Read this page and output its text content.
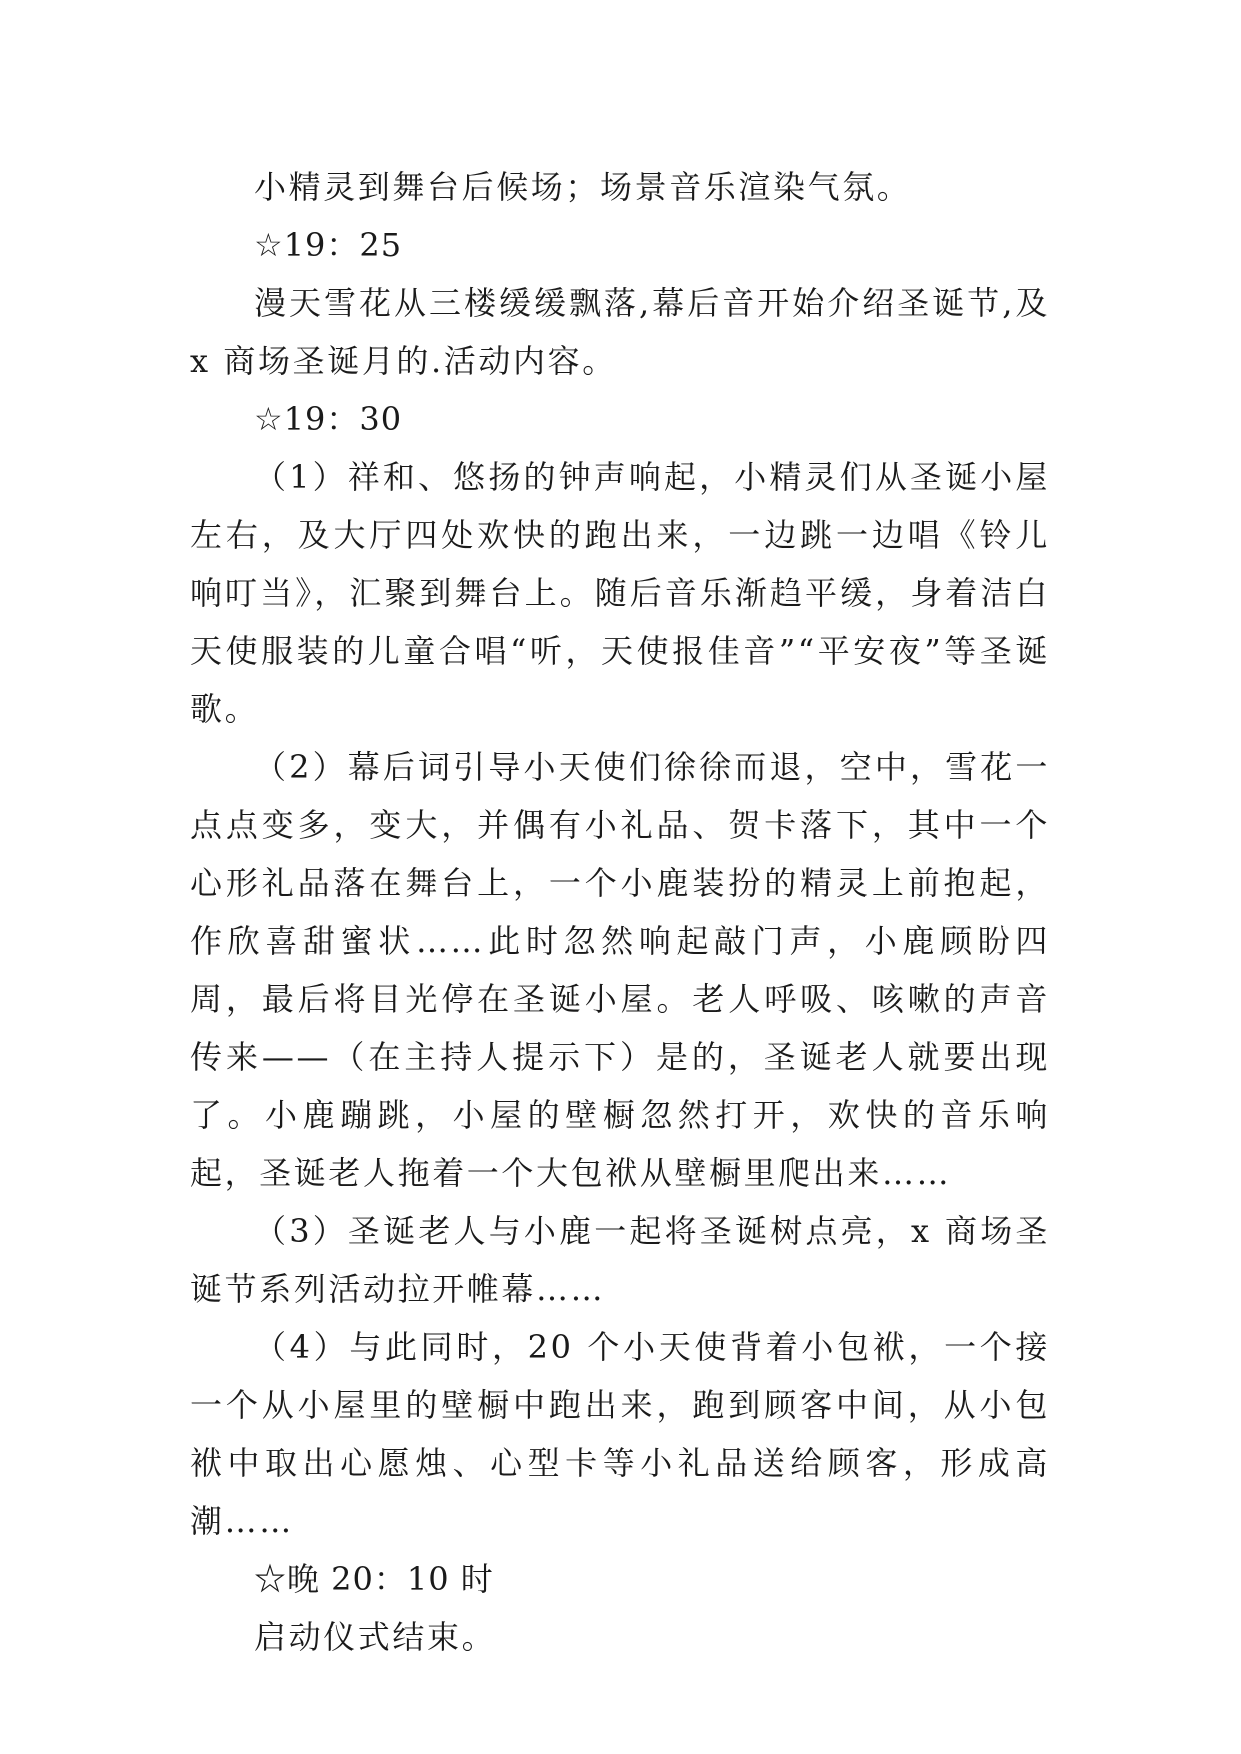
小精灵到舞台后候场；场景音乐渲染气氛。

☆19：25

漫天雪花从三楼缓缓飘落,幕后音开始介绍圣诞节,及 x 商场圣诞月的.活动内容。

☆19：30

（1）祥和、悠扬的钟声响起，小精灵们从圣诞小屋左右，及大厅四处欢快的跑出来，一边跳一边唱《铃儿响叮当》，汇聚到舞台上。随后音乐渐趋平缓，身着洁白天使服装的儿童合唱“听，天使报佳音”“平安夜”等圣诞歌。

（2）幕后词引导小天使们徐徐而退，空中，雪花一点点变多，变大，并偶有小礼品、贺卡落下，其中一个心形礼品落在舞台上，一个小鹿装扮的精灵上前抱起，作欣喜甜蜜状……此时忽然响起敲门声，小鹿顾盼四周，最后将目光停在圣诞小屋。老人呼吸、咳嗽的声音传来——（在主持人提示下）是的，圣诞老人就要出现了。小鹿蹦跳，小屋的壁橱忽然打开，欢快的音乐响起，圣诞老人拖着一个大包袱从壁橱里爬出来……

（3）圣诞老人与小鹿一起将圣诞树点亮，x 商场圣诞节系列活动拉开帷幕……

（4）与此同时，20 个小天使背着小包袱，一个接一个从小屋里的壁橱中跑出来，跑到顾客中间，从小包袱中取出心愿烛、心型卡等小礼品送给顾客，形成高潮……

☆晚 20：10 时

启动仪式结束。
